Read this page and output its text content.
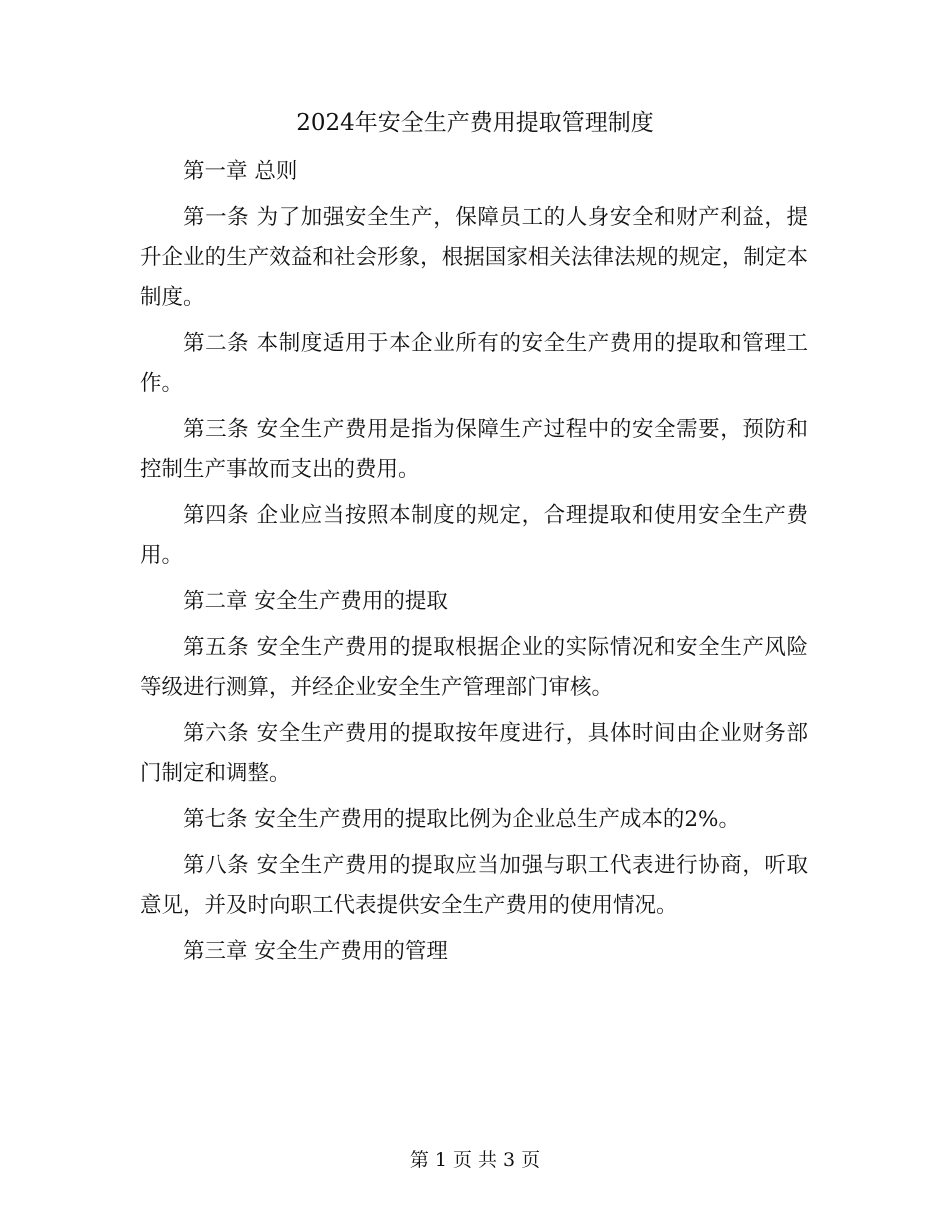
2024年安全生产费用提取管理制度

第一章 总则

第一条 为了加强安全生产，保障员工的人身安全和财产利益，提升企业的生产效益和社会形象，根据国家相关法律法规的规定，制定本制度。

第二条 本制度适用于本企业所有的安全生产费用的提取和管理工作。

第三条 安全生产费用是指为保障生产过程中的安全需要，预防和控制生产事故而支出的费用。

第四条 企业应当按照本制度的规定，合理提取和使用安全生产费用。

第二章 安全生产费用的提取

第五条 安全生产费用的提取根据企业的实际情况和安全生产风险等级进行测算，并经企业安全生产管理部门审核。

第六条 安全生产费用的提取按年度进行，具体时间由企业财务部门制定和调整。

第七条 安全生产费用的提取比例为企业总生产成本的2%。

第八条 安全生产费用的提取应当加强与职工代表进行协商，听取意见，并及时向职工代表提供安全生产费用的使用情况。

第三章 安全生产费用的管理

第 1 页 共 3 页
